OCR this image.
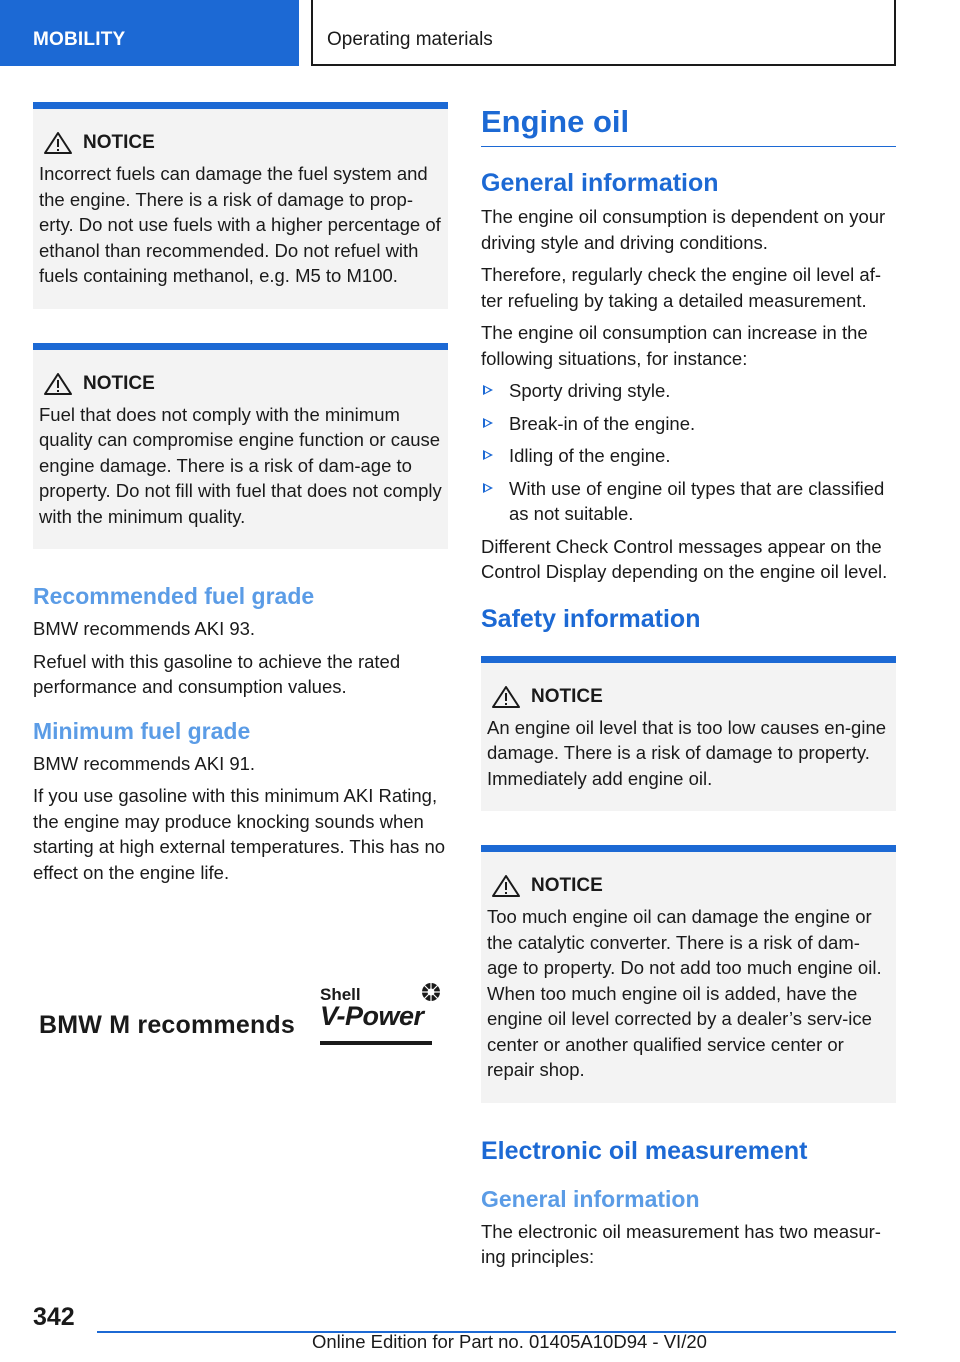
MOBILITY	Operating materials
NOTICE
Incorrect fuels can damage the fuel system and the engine. There is a risk of damage to prop-erty. Do not use fuels with a higher percentage of ethanol than recommended. Do not refuel with fuels containing methanol, e.g. M5 to M100.
NOTICE
Fuel that does not comply with the minimum quality can compromise engine function or cause engine damage. There is a risk of dam-age to property. Do not fill with fuel that does not comply with the minimum quality.
Recommended fuel grade
BMW recommends AKI 93.
Refuel with this gasoline to achieve the rated performance and consumption values.
Minimum fuel grade
BMW recommends AKI 91.
If you use gasoline with this minimum AKI Rating, the engine may produce knocking sounds when starting at high external temperatures. This has no effect on the engine life.
BMW M recommends
Shell
V-Power
Engine oil
General information
The engine oil consumption is dependent on your driving style and driving conditions.
Therefore, regularly check the engine oil level af-ter refueling by taking a detailed measurement.
The engine oil consumption can increase in the following situations, for instance:
Sporty driving style.
Break-in of the engine.
Idling of the engine.
With use of engine oil types that are classified as not suitable.
Different Check Control messages appear on the Control Display depending on the engine oil level.
Safety information
NOTICE
An engine oil level that is too low causes en-gine damage. There is a risk of damage to property. Immediately add engine oil.
NOTICE
Too much engine oil can damage the engine or the catalytic converter. There is a risk of dam-age to property. Do not add too much engine oil. When too much engine oil is added, have the engine oil level corrected by a dealer’s serv-ice center or another qualified service center or repair shop.
Electronic oil measurement
General information
The electronic oil measurement has two measur-ing principles:
342
Online Edition for Part no. 01405A10D94 - VI/20
